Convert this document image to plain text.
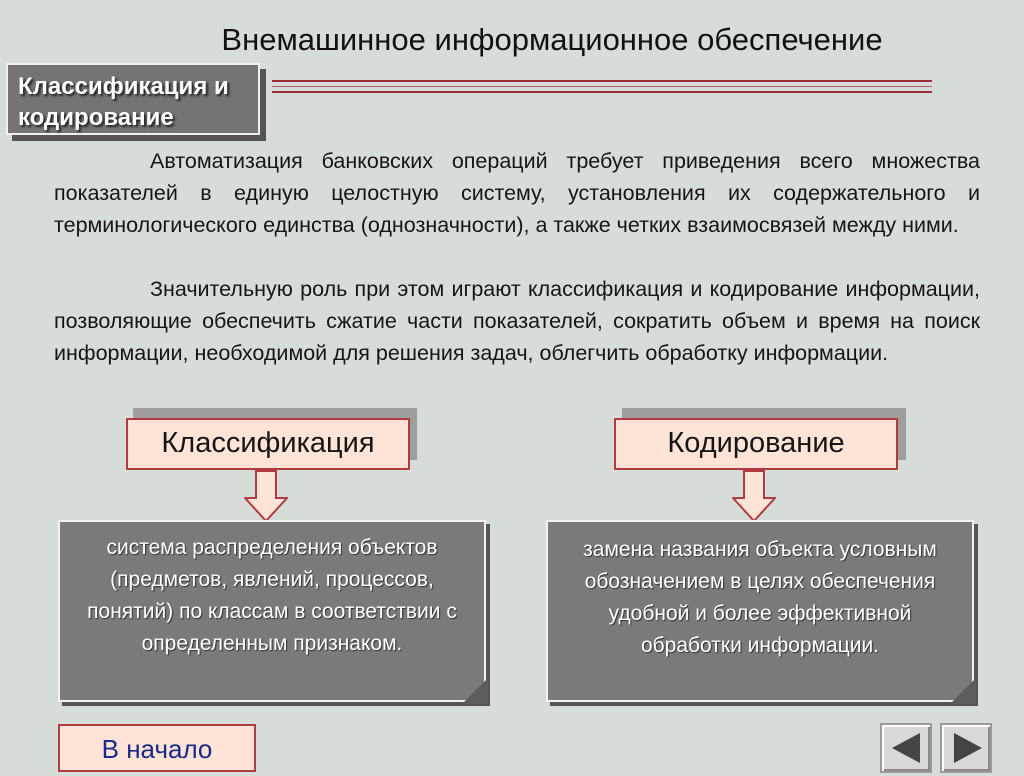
Внемашинное информационное обеспечение
Классификация и
кодирование
Автоматизация банковских операций требует приведения всего множества показателей в единую целостную систему, установления их содержательного и терминологического единства (однозначности), а также четких взаимосвязей между ними.
Значительную роль при этом играют классификация и кодирование информации, позволяющие обеспечить сжатие части показателей, сократить объем и время на поиск информации, необходимой для решения задач, облегчить обработку информации.
Классификация	Кодирование
система распределения объектов (предметов, явлений, процессов, понятий) по классам в соответствии с определенным признаком.
замена названия объекта условным обозначением в целях обеспечения удобной и более эффективной обработки информации.
В начало
